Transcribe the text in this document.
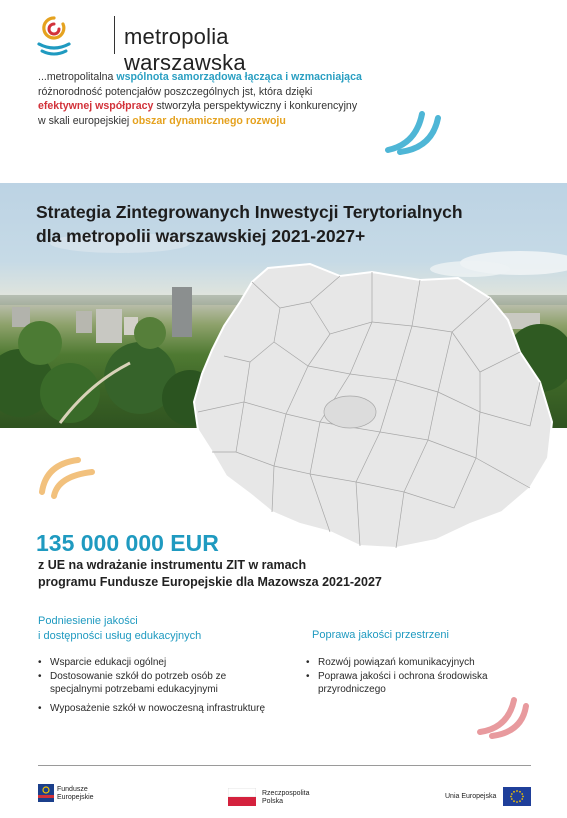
metropolia warszawska
...metropolitalna wspólnota samorządowa łącząca i wzmacniająca
różnorodność potencjałów poszczególnych jst, która dzięki
efektywnej współpracy stworzyła perspektywiczny i konkurencyjny
w skali europejskiej obszar dynamicznego rozwoju
Strategia Zintegrowanych Inwestycji Terytorialnych
dla metropolii warszawskiej 2021-2027+
135 000 000 EUR
z UE na wdrażanie instrumentu ZIT w ramach
programu Fundusze Europejskie dla Mazowsza 2021-2027
Podniesienie jakości
i dostępności usług edukacyjnych
• Wsparcie edukacji ogólnej
• Dostosowanie szkół do potrzeb osób ze specjalnymi potrzebami edukacyjnymi
• Wyposażenie szkół w nowoczesną infrastrukturę
Poprawa jakości przestrzeni
• Rozwój powiązań komunikacyjnych
• Poprawa jakości i ochrona środowiska przyrodniczego
Fundusze
Europejskie
Rzeczpospolita
Polska
Unia Europejska
